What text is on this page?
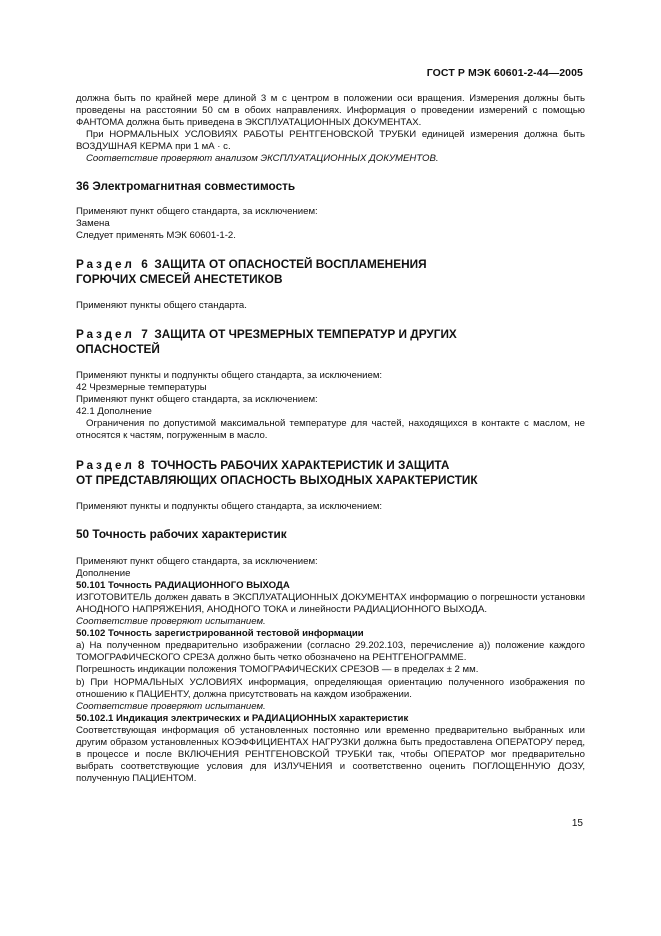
ГОСТ Р МЭК 60601-2-44—2005

должна быть по крайней мере длиной 3 м с центром в положении оси вращения. Измерения должны быть проведены на расстоянии 50 см в обоих направлениях. Информация о проведении измерений с помощью ФАНТОМА должна быть приведена в ЭКСПЛУАТАЦИОННЫХ ДОКУМЕНТАХ.

При НОРМАЛЬНЫХ УСЛОВИЯХ РАБОТЫ РЕНТГЕНОВСКОЙ ТРУБКИ единицей измерения должна быть ВОЗДУШНАЯ КЕРМА при 1 мА · с.

Соответствие проверяют анализом ЭКСПЛУАТАЦИОННЫХ ДОКУМЕНТОВ.

36 Электромагнитная совместимость

Применяют пункт общего стандарта, за исключением:

Замена

Следует применять МЭК 60601-1-2.

Раздел 6 ЗАЩИТА ОТ ОПАСНОСТЕЙ ВОСПЛАМЕНЕНИЯ
ГОРЮЧИХ СМЕСЕЙ АНЕСТЕТИКОВ

Применяют пункты общего стандарта.

Раздел 7 ЗАЩИТА ОТ ЧРЕЗМЕРНЫХ ТЕМПЕРАТУР И ДРУГИХ
ОПАСНОСТЕЙ

Применяют пункты и подпункты общего стандарта, за исключением:

42 Чрезмерные температуры

Применяют пункт общего стандарта, за исключением:

42.1 Дополнение

Ограничения по допустимой максимальной температуре для частей, находящихся в контакте с маслом, не относятся к частям, погруженным в масло.

Раздел 8 ТОЧНОСТЬ РАБОЧИХ ХАРАКТЕРИСТИК И ЗАЩИТА
ОТ ПРЕДСТАВЛЯЮЩИХ ОПАСНОСТЬ ВЫХОДНЫХ ХАРАКТЕРИСТИК

Применяют пункты и подпункты общего стандарта, за исключением:

50 Точность рабочих характеристик

Применяют пункт общего стандарта, за исключением:

Дополнение

50.101 Точность РАДИАЦИОННОГО ВЫХОДА

ИЗГОТОВИТЕЛЬ должен давать в ЭКСПЛУАТАЦИОННЫХ ДОКУМЕНТАХ информацию о погрешности установки АНОДНОГО НАПРЯЖЕНИЯ, АНОДНОГО ТОКА и линейности РАДИАЦИОННОГО ВЫХОДА.

Соответствие проверяют испытанием.

50.102 Точность зарегистрированной тестовой информации

a) На полученном предварительно изображении (согласно 29.202.103, перечисление а)) положение каждого ТОМОГРАФИЧЕСКОГО СРЕЗА должно быть четко обозначено на РЕНТГЕНОГРАММЕ.

Погрешность индикации положения ТОМОГРАФИЧЕСКИХ СРЕЗОВ — в пределах ± 2 мм.

b) При НОРМАЛЬНЫХ УСЛОВИЯХ информация, определяющая ориентацию полученного изображения по отношению к ПАЦИЕНТУ, должна присутствовать на каждом изображении.

Соответствие проверяют испытанием.

50.102.1 Индикация электрических и РАДИАЦИОННЫХ характеристик

Соответствующая информация об установленных постоянно или временно предварительно выбранных или другим образом установленных КОЭФФИЦИЕНТАХ НАГРУЗКИ должна быть предоставлена ОПЕРАТОРУ перед, в процессе и после ВКЛЮЧЕНИЯ РЕНТГЕНОВСКОЙ ТРУБКИ так, чтобы ОПЕРАТОР мог предварительно выбрать соответствующие условия для ИЗЛУЧЕНИЯ и соответственно оценить ПОГЛОЩЕННУЮ ДОЗУ, полученную ПАЦИЕНТОМ.

15
